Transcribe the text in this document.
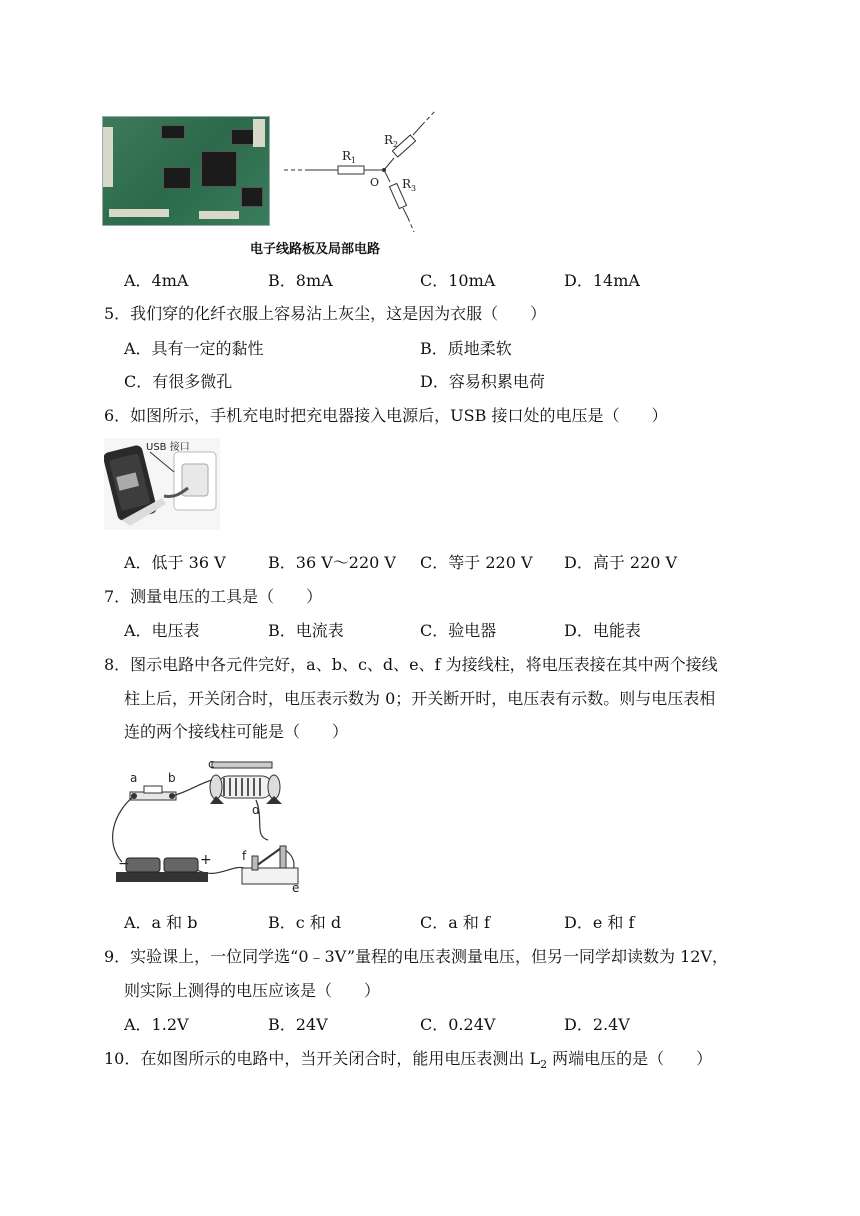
$R_1$
$R_2$
$R_3$
O
电子线路板及局部电路
A．4mA	B．8mA	C．10mA	D．14mA
5．我们穿的化纤衣服上容易沾上灰尘，这是因为衣服（　　）
A．具有一定的黏性	B．质地柔软
C．有很多微孔	D．容易积累电荷
6．如图所示，手机充电时把充电器接入电源后，USB 接口处的电压是（　　）
USB 接口
A．低于 36 V	B．36 V～220 V C．等于 220 V D．高于 220 V
7．测量电压的工具是（　　）
A．电压表	B．电流表	C．验电器	D．电能表
8．图示电路中各元件完好，a、b、c、d、e、f 为接线柱，将电压表接在其中两个接线
柱上后，开关闭合时，电压表示数为 0；开关断开时，电压表有示数。则与电压表相
连的两个接线柱可能是（　　）
a	b
c
d
−	+	f
e
A．a 和 b	B．c 和 d	C．a 和 f	D．e 和 f
9．实验课上，一位同学选“0﹣3V”量程的电压表测量电压，但另一同学却读数为 12V，
则实际上测得的电压应该是（　　）
A．1.2V	B．24V	C．0.24V	D．2.4V
10．在如图所示的电路中，当开关闭合时，能用电压表测出 $L_2$ 两端电压的是（　　）
